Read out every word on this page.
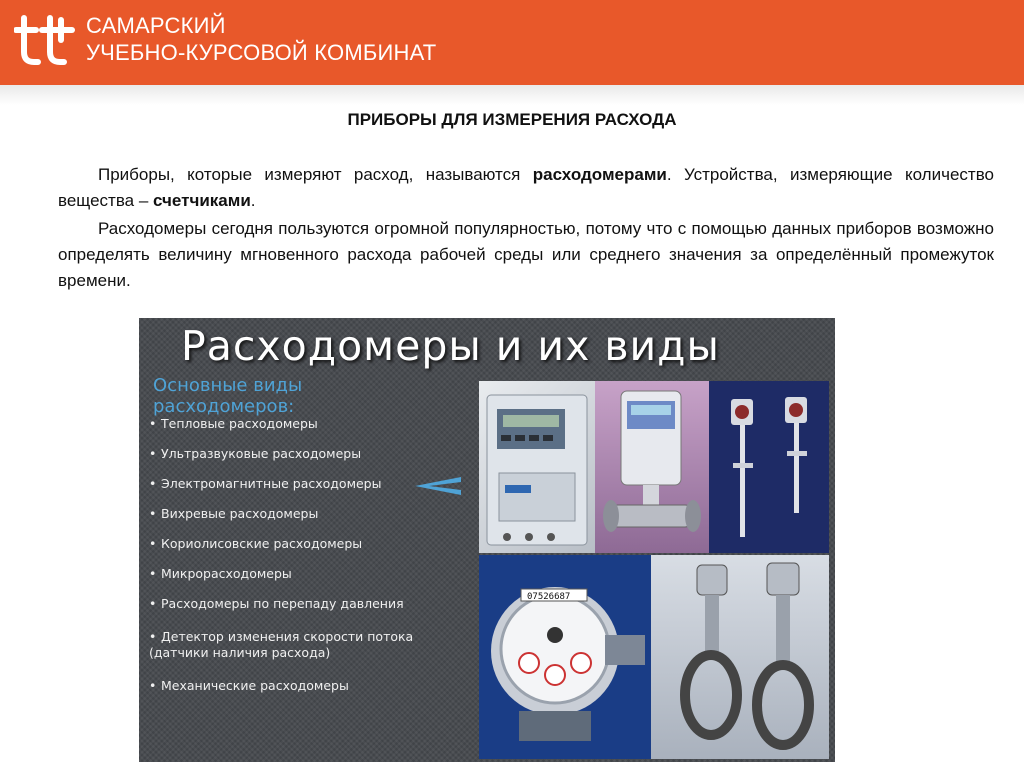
САМАРСКИЙ
УЧЕБНО-КУРСОВОЙ КОМБИНАТ
ПРИБОРЫ ДЛЯ ИЗМЕРЕНИЯ РАСХОДА

Приборы, которые измеряют расход, называются расходомерами. Устройства, измеряющие количество вещества – счетчиками.

Расходомеры сегодня пользуются огромной популярностью, потому что с помощью данных приборов возможно определять величину мгновенного расхода рабочей среды или среднего значения за определённый промежуток времени.

Расходомеры и их виды
Основные виды расходомеров:
• Тепловые расходомеры
• Ультразвуковые расходомеры
• Электромагнитные расходомеры
• Вихревые расходомеры
• Кориолисовские расходомеры
• Микрорасходомеры
• Расходомеры по перепаду давления
• Детектор изменения скорости потока (датчики наличия расхода)
• Механические расходомеры
07526687
